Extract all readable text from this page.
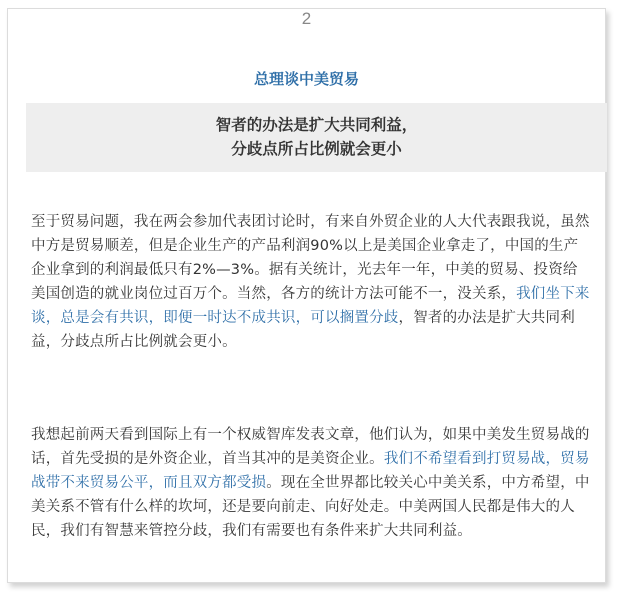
2
总理谈中美贸易
智者的办法是扩大共同利益，
分歧点所占比例就会更小

至于贸易问题，我在两会参加代表团讨论时，有来自外贸企业的人大代表跟我说，虽然中方是贸易顺差，但是企业生产的产品利润90%以上是美国企业拿走了，中国的生产企业拿到的利润最低只有2%—3%。据有关统计，光去年一年，中美的贸易、投资给美国创造的就业岗位过百万个。当然，各方的统计方法可能不一，没关系，我们坐下来谈，总是会有共识，即便一时达不成共识，可以搁置分歧，智者的办法是扩大共同利益，分歧点所占比例就会更小。

我想起前两天看到国际上有一个权威智库发表文章，他们认为，如果中美发生贸易战的话，首先受损的是外资企业，首当其冲的是美资企业。我们不希望看到打贸易战，贸易战带不来贸易公平，而且双方都受损。现在全世界都比较关心中美关系，中方希望，中美关系不管有什么样的坎坷，还是要向前走、向好处走。中美两国人民都是伟大的人民，我们有智慧来管控分歧，我们有需要也有条件来扩大共同利益。
